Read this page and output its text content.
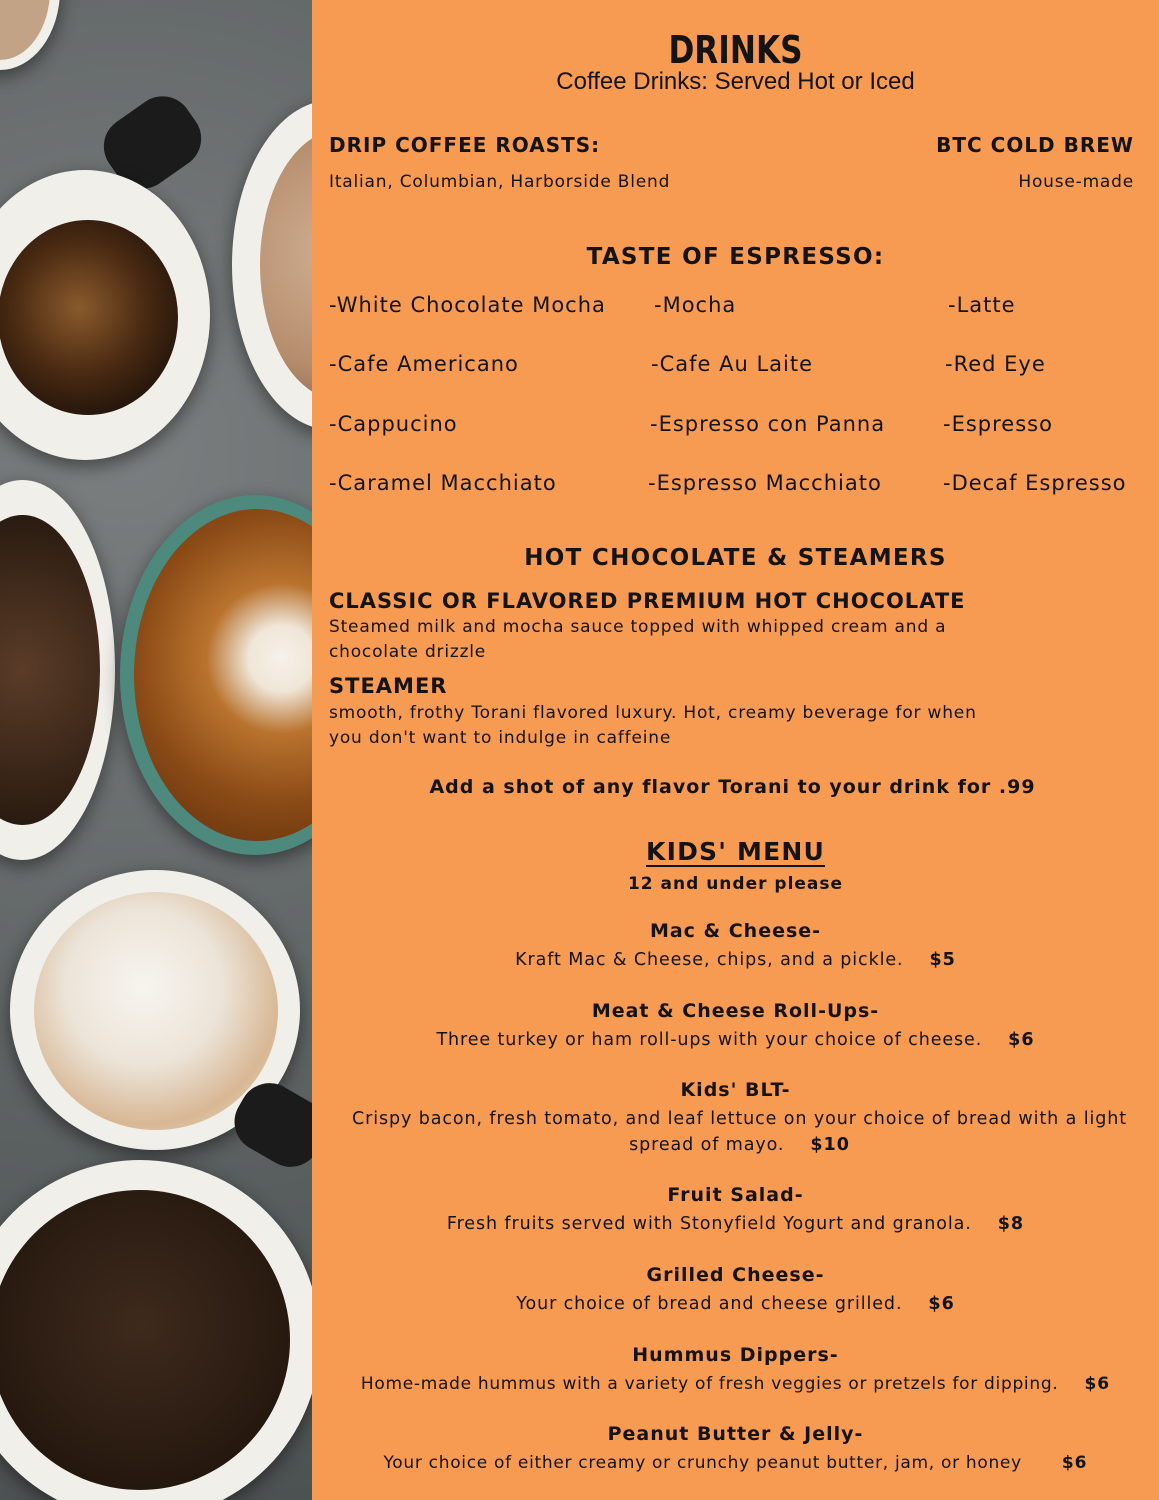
DRINKS
Coffee Drinks: Served Hot or Iced
DRIP COFFEE ROASTS:
Italian, Columbian, Harborside Blend
BTC COLD BREW
House-made
TASTE OF ESPRESSO:
-White Chocolate Mocha -Mocha	-Latte
-Cafe Americano	-Cafe Au Laite	-Red Eye
-Cappucino	-Espresso con Panna	-Espresso
-Caramel Macchiato	-Espresso Macchiato	-Decaf Espresso
HOT CHOCOLATE & STEAMERS
CLASSIC OR FLAVORED PREMIUM HOT CHOCOLATE
Steamed milk and mocha sauce topped with whipped cream and a chocolate drizzle
STEAMER
smooth, frothy Torani flavored luxury. Hot, creamy beverage for when you don't want to indulge in caffeine
Add a shot of any flavor Torani to your drink for .99
KIDS' MENU
12 and under please
Mac & Cheese-
Kraft Mac & Cheese, chips, and a pickle. $5
Meat & Cheese Roll-Ups-
Three turkey or ham roll-ups with your choice of cheese. $6
Kids' BLT-
Crispy bacon, fresh tomato, and leaf lettuce on your choice of bread with a light spread of mayo. $10
Fruit Salad-
Fresh fruits served with Stonyfield Yogurt and granola. $8
Grilled Cheese-
Your choice of bread and cheese grilled. $6
Hummus Dippers-
Home-made hummus with a variety of fresh veggies or pretzels for dipping. $6
Peanut Butter & Jelly-
Your choice of either creamy or crunchy peanut butter, jam, or honey $6
